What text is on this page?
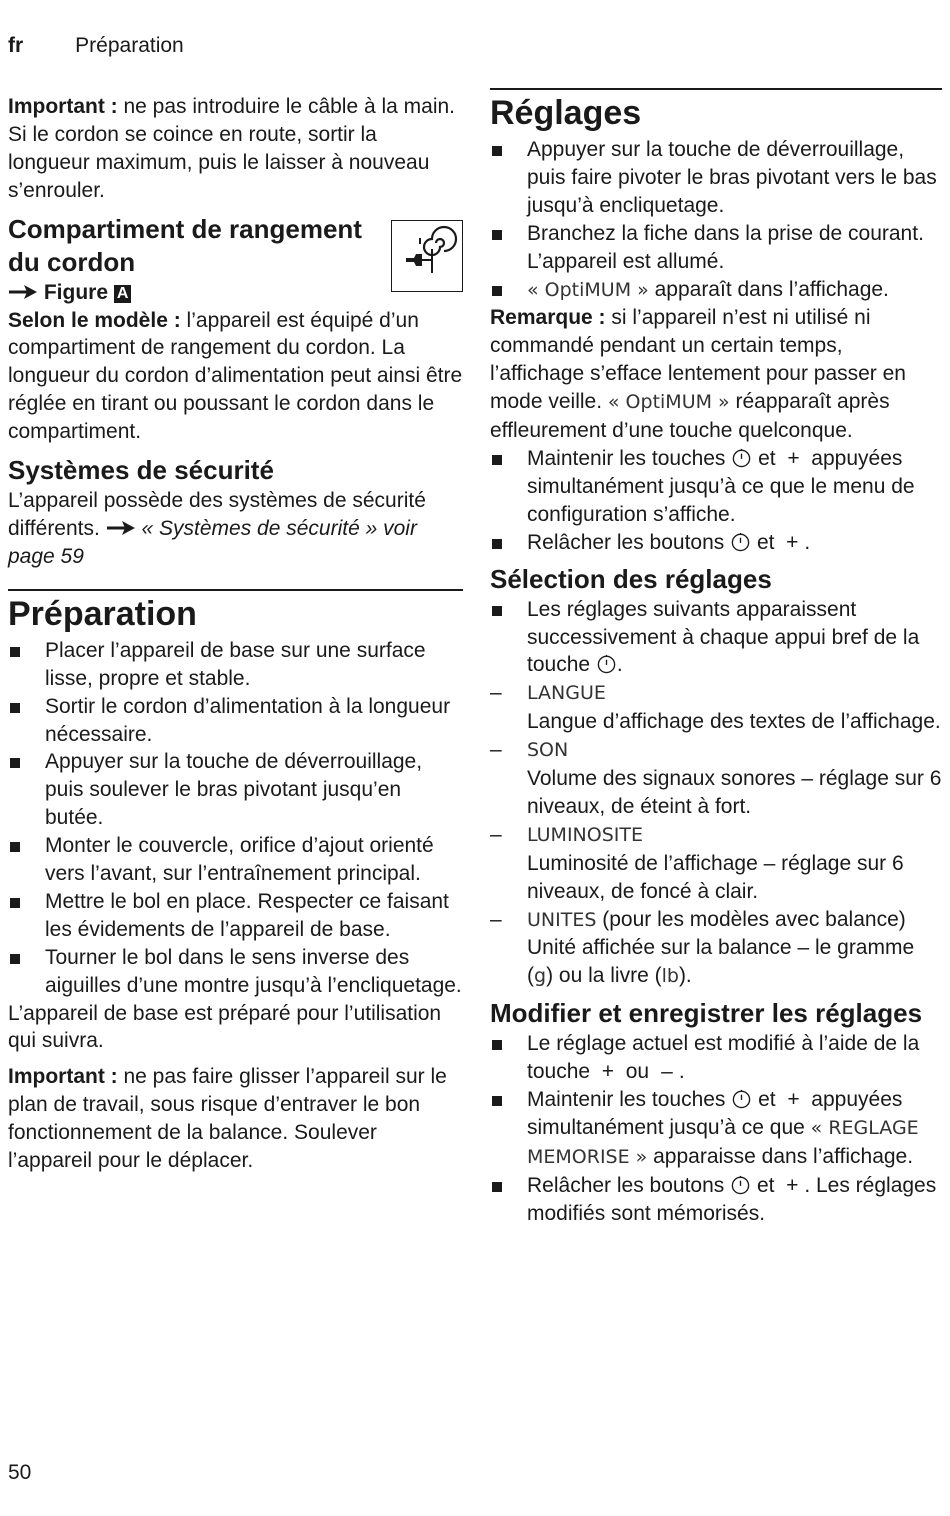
fr Préparation

Important : ne pas introduire le câble à la main. Si le cordon se coince en route, sortir la longueur maximum, puis le laisser à nouveau s’enrouler.

Compartiment de rangement du cordon

Figure A

Selon le modèle : l’appareil est équipé d’un compartiment de rangement du cordon. La longueur du cordon d’alimentation peut ainsi être réglée en tirant ou poussant le cordon dans le compartiment.

Systèmes de sécurité

L’appareil possède des systèmes de sécurité différents.  « Systèmes de sécurité » voir page 59

Préparation
Placer l’appareil de base sur une surface lisse, propre et stable.
Sortir le cordon d’alimentation à la longueur nécessaire.
Appuyer sur la touche de déverrouillage, puis soulever le bras pivotant jusqu’en butée.
Monter le couvercle, orifice d’ajout orienté vers l’avant, sur l’entraînement principal.
Mettre le bol en place. Respecter ce faisant les évidements de l’appareil de base.
Tourner le bol dans le sens inverse des aiguilles d’une montre jusqu’à l’encliquetage.

L’appareil de base est préparé pour l’utilisation qui suivra.

Important : ne pas faire glisser l’appareil sur le plan de travail, sous risque d’entraver le bon fonctionnement de la balance. Soulever l’appareil pour le déplacer.

Réglages
Appuyer sur la touche de déverrouillage, puis faire pivoter le bras pivotant vers le bas jusqu’à encliquetage.
Branchez la fiche dans la prise de courant. L’appareil est allumé.
« OptiMUM » apparaît dans l’affichage.

Remarque : si l’appareil n’est ni utilisé ni commandé pendant un certain temps, l’affichage s’efface lentement pour passer en mode veille. « OptiMUM » réapparaît après effleurement d’une touche quelconque.

Maintenir les touches  et + appuyées simultanément jusqu’à ce que le menu de configuration s’affiche.
Relâcher les boutons  et + .
Sélection des réglages
Les réglages suivants apparaissent successivement à chaque appui bref de la touche .
– LANGUE
Langue d’affichage des textes de l’affichage.
– SON
Volume des signaux sonores – réglage sur 6 niveaux, de éteint à fort.
– LUMINOSITE
Luminosité de l’affichage – réglage sur 6 niveaux, de foncé à clair.
– UNITES (pour les modèles avec balance)
Unité affichée sur la balance – le gramme (g) ou la livre (lb).
Modifier et enregistrer les réglages
Le réglage actuel est modifié à l’aide de la touche + ou – .
Maintenir les touches  et + appuyées simultanément jusqu’à ce que « REGLAGE MEMORISE » apparaisse dans l’affichage.
Relâcher les boutons  et + . Les réglages modifiés sont mémorisés.
50
